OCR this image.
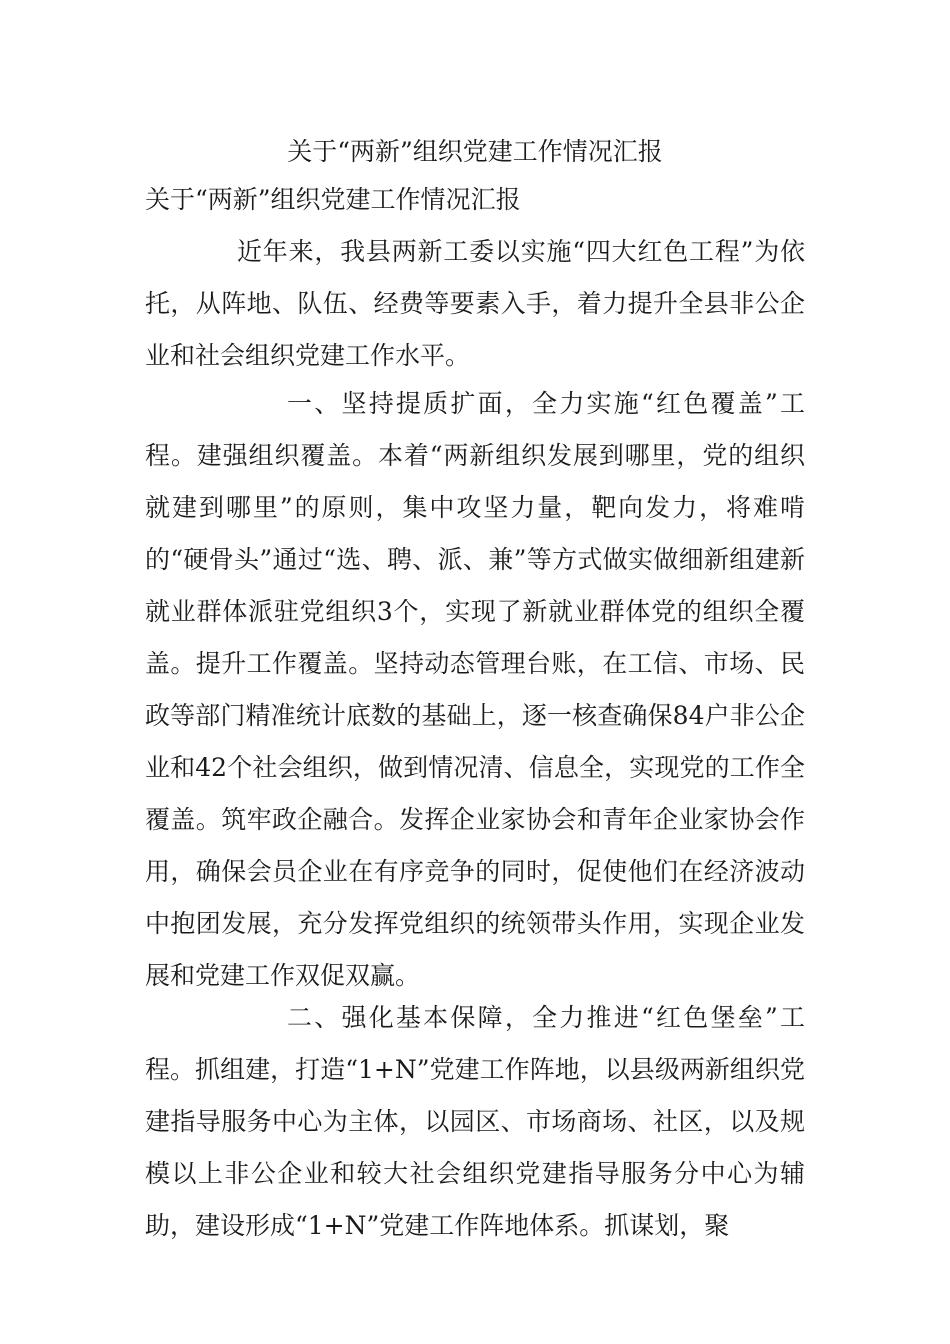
关于“两新”组织党建工作情况汇报
关于“两新”组织党建工作情况汇报

近年来，我县两新工委以实施“四大红色工程”为依托，从阵地、队伍、经费等要素入手，着力提升全县非公企业和社会组织党建工作水平。

一、坚持提质扩面，全力实施“红色覆盖”工程。建强组织覆盖。本着“两新组织发展到哪里，党的组织就建到哪里”的原则，集中攻坚力量，靶向发力，将难啃的“硬骨头”通过“选、聘、派、兼”等方式做实做细新组建新就业群体派驻党组织3个，实现了新就业群体党的组织全覆盖。提升工作覆盖。坚持动态管理台账，在工信、市场、民政等部门精准统计底数的基础上，逐一核查确保84户非公企业和42个社会组织，做到情况清、信息全，实现党的工作全覆盖。筑牢政企融合。发挥企业家协会和青年企业家协会作用，确保会员企业在有序竞争的同时，促使他们在经济波动中抱团发展，充分发挥党组织的统领带头作用，实现企业发展和党建工作双促双赢。

二、强化基本保障，全力推进“红色堡垒”工程。抓组建，打造“1+N”党建工作阵地，以县级两新组织党建指导服务中心为主体，以园区、市场商场、社区，以及规模以上非公企业和较大社会组织党建指导服务分中心为辅助，建设形成“1+N”党建工作阵地体系。抓谋划，聚
